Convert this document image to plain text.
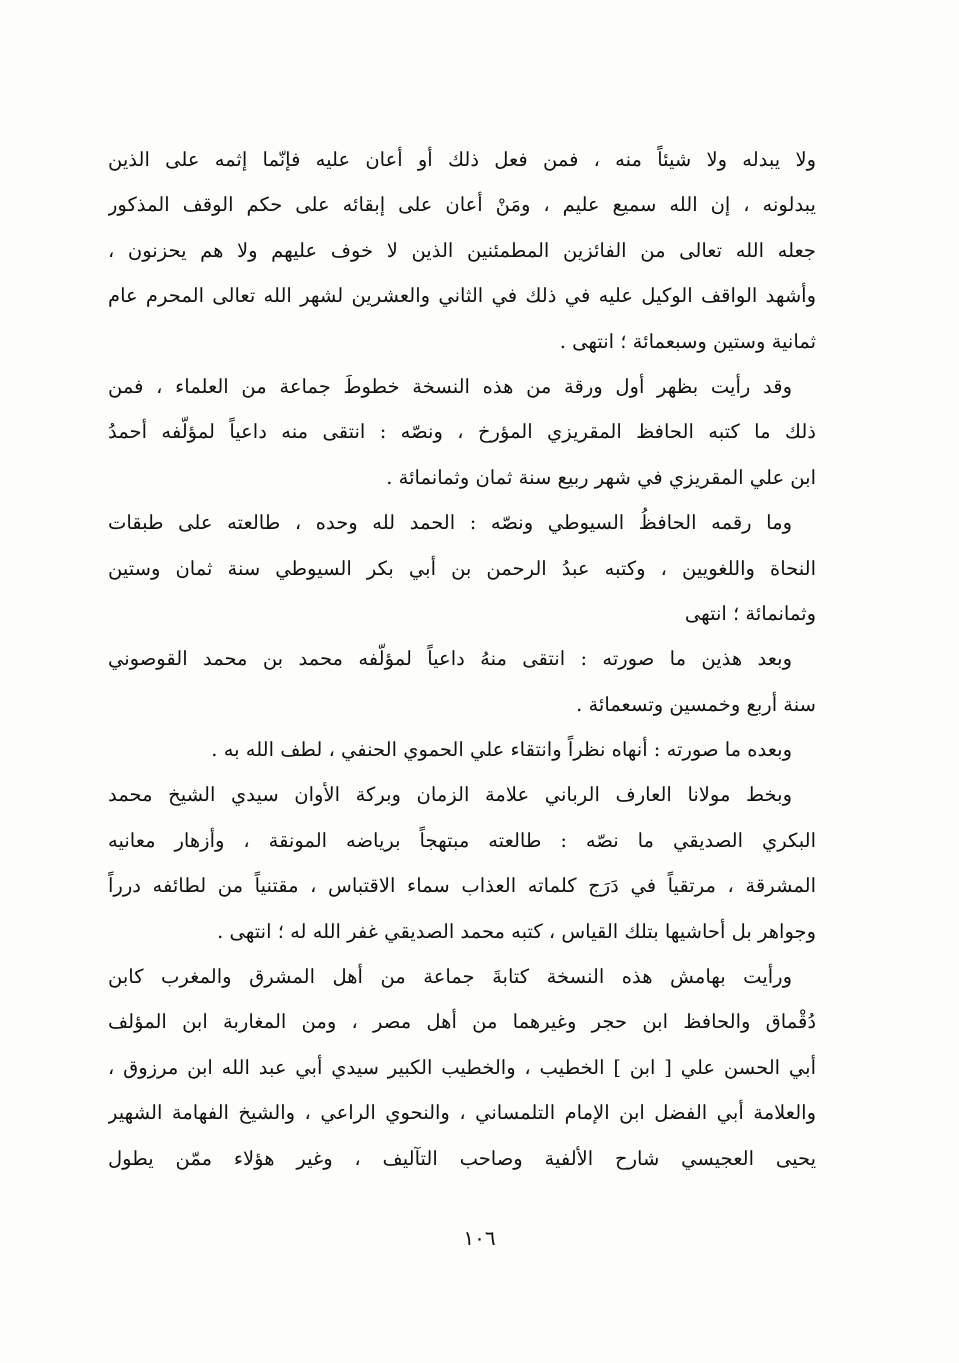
ولا يبدله ولا شيئاً منه ، فمن فعل ذلك أو أعان عليه فإنّما إثمه على الذين
يبدلونه ، إن الله سميع عليم ، ومَنْ أعان على إبقائه على حكم الوقف المذكور
جعله الله تعالى من الفائزين المطمئنين الذين لا خوف عليهم ولا هم يحزنون ،
وأشهد الواقف الوكيل عليه في ذلك في الثاني والعشرين لشهر الله تعالى المحرم عام
ثمانية وستين وسبعمائة ؛ انتهى .
وقد رأيت بظهر أول ورقة من هذه النسخة خطوطَ جماعة من العلماء ، فمن
ذلك ما كتبه الحافظ المقريزي المؤرخ ، ونصّه : انتقى منه داعياً لمؤلّفه أحمدُ
ابن علي المقريزي في شهر ربيع سنة ثمان وثمانمائة .
وما رقمه الحافظُ السيوطي ونصّه : الحمد لله وحده ، طالعته على طبقات
النحاة واللغويين ، وكتبه عبدُ الرحمن بن أبي بكر السيوطي سنة ثمان وستين
وثمانمائة ؛ انتهى
وبعد هذين ما صورته : انتقى منهُ داعياً لمؤلّفه محمد بن محمد القوصوني
سنة أربع وخمسين وتسعمائة .
وبعده ما صورته : أنهاه نظراً وانتقاء علي الحموي الحنفي ، لطف الله به .
وبخط مولانا العارف الرباني علامة الزمان وبركة الأوان سيدي الشيخ محمد
البكري الصديقي ما نصّه : طالعته مبتهجاً برياضه المونقة ، وأزهار معانيه
المشرقة ، مرتقياً في دَرَج كلماته العذاب سماء الاقتباس ، مقتنياً من لطائفه درراً
وجواهر بل أحاشيها بتلك القياس ، كتبه محمد الصديقي غفر الله له ؛ انتهى .
ورأيت بهامش هذه النسخة كتابةَ جماعة من أهل المشرق والمغرب كابن
دُقْماق والحافظ ابن حجر وغيرهما من أهل مصر ، ومن المغاربة ابن المؤلف
أبي الحسن علي [ ابن ] الخطيب ، والخطيب الكبير سيدي أبي عبد الله ابن مرزوق ،
والعلامة أبي الفضل ابن الإمام التلمساني ، والنحوي الراعي ، والشيخ الفهامة الشهير
يحيى العجيسي شارح الألفية وصاحب التآليف ، وغير هؤلاء ممّن يطول
١٠٦
